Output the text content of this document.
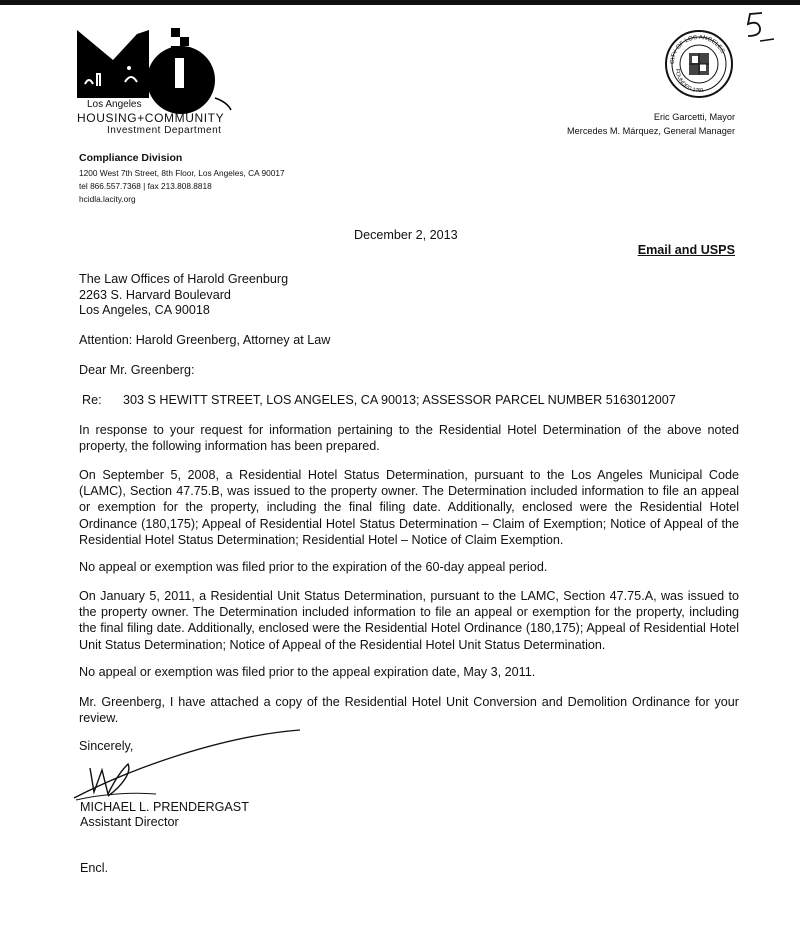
Los Angeles
HOUSING+COMMUNITY
Investment Department
CITY OF LOS ANGELES
FOUNDED 1781
Eric Garcetti, Mayor
Mercedes M. Márquez, General Manager
Compliance Division
1200 West 7th Street, 8th Floor, Los Angeles, CA 90017
tel 866.557.7368 | fax 213.808.8818
hcidla.lacity.org
December 2, 2013
Email and USPS
The Law Offices of Harold Greenburg
2263 S. Harvard Boulevard
Los Angeles, CA 90018
Attention: Harold Greenberg, Attorney at Law
Dear Mr. Greenberg:
Re: 303 S HEWITT STREET, LOS ANGELES, CA 90013; ASSESSOR PARCEL NUMBER 5163012007
In response to your request for information pertaining to the Residential Hotel Determination of the above noted property, the following information has been prepared.
On September 5, 2008, a Residential Hotel Status Determination, pursuant to the Los Angeles Municipal Code (LAMC), Section 47.75.B, was issued to the property owner. The Determination included information to file an appeal or exemption for the property, including the final filing date. Additionally, enclosed were the Residential Hotel Ordinance (180,175); Appeal of Residential Hotel Status Determination – Claim of Exemption; Notice of Appeal of the Residential Hotel Status Determination; Residential Hotel – Notice of Claim Exemption.
No appeal or exemption was filed prior to the expiration of the 60-day appeal period.
On January 5, 2011, a Residential Unit Status Determination, pursuant to the LAMC, Section 47.75.A, was issued to the property owner. The Determination included information to file an appeal or exemption for the property, including the final filing date. Additionally, enclosed were the Residential Hotel Ordinance (180,175); Appeal of Residential Hotel Unit Status Determination; Notice of Appeal of the Residential Hotel Unit Status Determination.
No appeal or exemption was filed prior to the appeal expiration date, May 3, 2011.
Mr. Greenberg, I have attached a copy of the Residential Hotel Unit Conversion and Demolition Ordinance for your review.
Sincerely,
MICHAEL L. PRENDERGAST
Assistant Director
Encl.
